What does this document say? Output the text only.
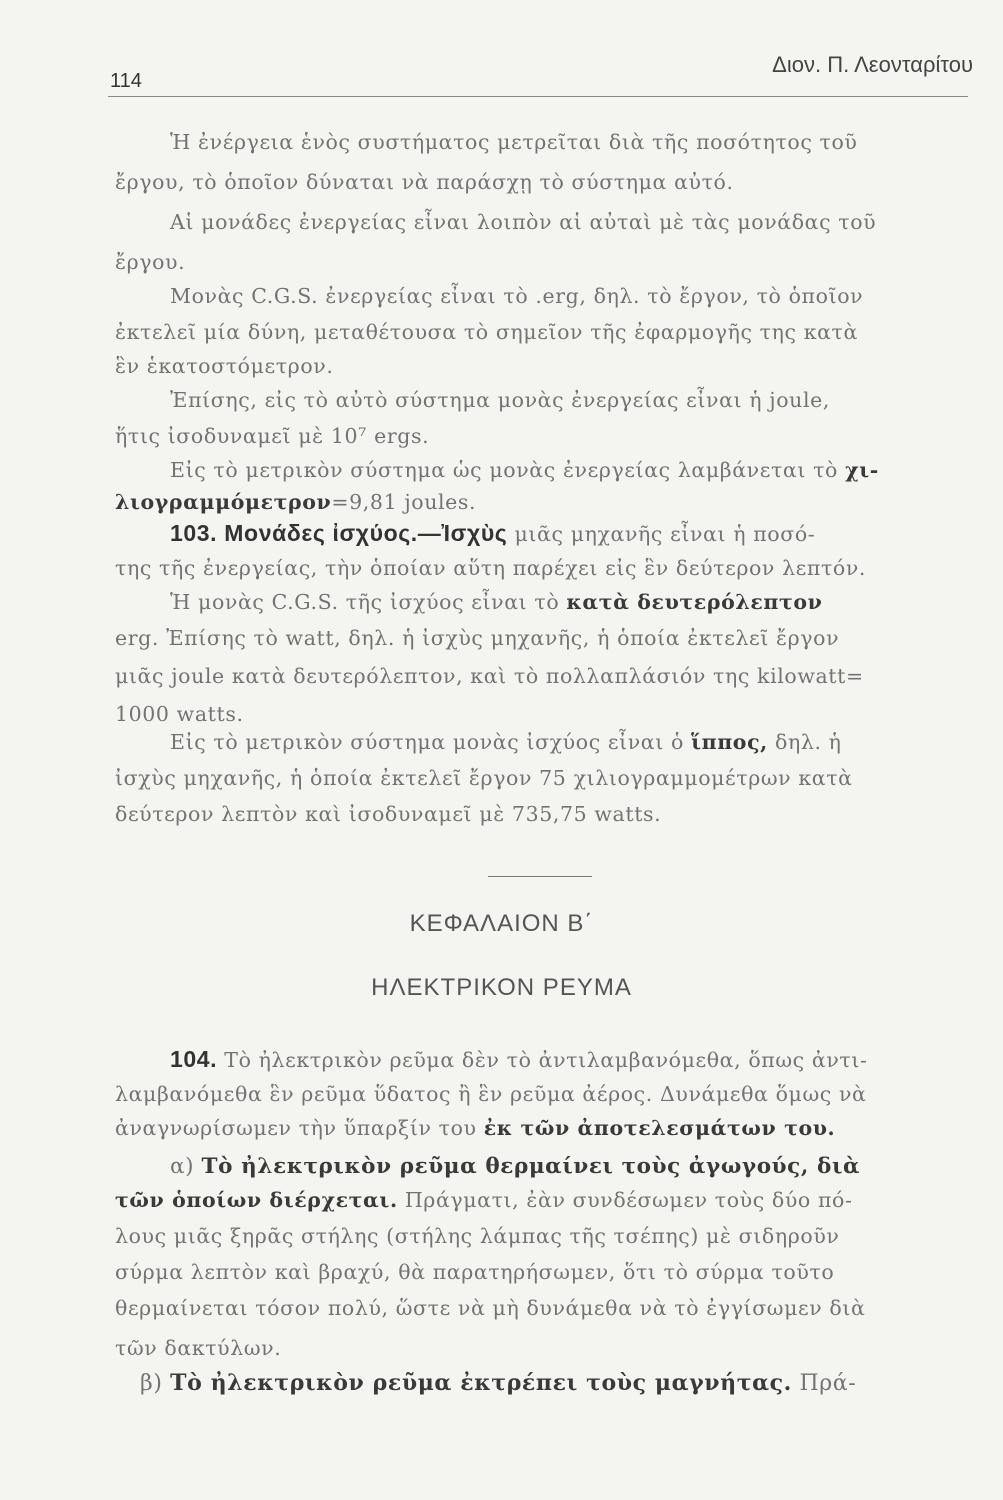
114
Διον. Π. Λεονταρίτου
Ἡ ἐνέργεια ἑνὸς συστήματος μετρεῖται διὰ τῆς ποσότητος τοῦ
ἔργου, τὸ ὁποῖον δύναται νὰ παράσχῃ τὸ σύστημα αὐτό.
Αἱ μονάδες ἐνεργείας εἶναι λοιπὸν αἱ αὐταὶ μὲ τὰς μονάδας τοῦ
ἔργου.
Μονὰς C.G.S. ἐνεργείας εἶναι τὸ .erg, δηλ. τὸ ἔργον, τὸ ὁποῖον
ἐκτελεῖ μία δύνη, μεταθέτουσα τὸ σημεῖον τῆς ἐφαρμογῆς της κατὰ
ἓν ἑκατοστόμετρον.
Ἐπίσης, εἰς τὸ αὐτὸ σύστημα μονὰς ἐνεργείας εἶναι ἡ joule,
ἥτις ἰσοδυναμεῖ μὲ 10⁷ ergs.
Εἰς τὸ μετρικὸν σύστημα ὡς μονὰς ἐνεργείας λαμβάνεται τὸ χι-
λιογραμμόμετρον=9,81 joules.
103. Μονάδες ἰσχύος.—Ἰσχὺς μιᾶς μηχανῆς εἶναι ἡ ποσό-
της τῆς ἐνεργείας, τὴν ὁποίαν αὕτη παρέχει εἰς ἓν δεύτερον λεπτόν.
Ἡ μονὰς C.G.S. τῆς ἰσχύος εἶναι τὸ κατὰ δευτερόλεπτον
erg. Ἐπίσης τὸ watt, δηλ. ἡ ἰσχὺς μηχανῆς, ἡ ὁποία ἐκτελεῖ ἔργον
μιᾶς joule κατὰ δευτερόλεπτον, καὶ τὸ πολλαπλάσιόν της kilowatt=
1000 watts.
Εἰς τὸ μετρικὸν σύστημα μονὰς ἰσχύος εἶναι ὁ ἵππος, δηλ. ἡ
ἰσχὺς μηχανῆς, ἡ ὁποία ἐκτελεῖ ἔργον 75 χιλιογραμμομέτρων κατὰ
δεύτερον λεπτὸν καὶ ἰσοδυναμεῖ μὲ 735,75 watts.
ΚΕΦΑΛΑΙΟΝ Β΄
ΗΛΕΚΤΡΙΚΟΝ ΡΕΥΜΑ
104. Τὸ ἠλεκτρικὸν ρεῦμα δὲν τὸ ἀντιλαμβανόμεθα, ὅπως ἀντι-
λαμβανόμεθα ἓν ρεῦμα ὕδατος ἢ ἓν ρεῦμα ἀέρος. Δυνάμεθα ὅμως νὰ
ἀναγνωρίσωμεν τὴν ὕπαρξίν του ἐκ τῶν ἀποτελεσμάτων του.
α) Τὸ ἠλεκτρικὸν ρεῦμα θερμαίνει τοὺς ἀγωγούς, διὰ
τῶν ὁποίων διέρχεται. Πράγματι, ἐὰν συνδέσωμεν τοὺς δύο πό-
λους μιᾶς ξηρᾶς στήλης (στήλης λάμπας τῆς τσέπης) μὲ σιδηροῦν
σύρμα λεπτὸν καὶ βραχύ, θὰ παρατηρήσωμεν, ὅτι τὸ σύρμα τοῦτο
θερμαίνεται τόσον πολύ, ὥστε νὰ μὴ δυνάμεθα νὰ τὸ ἐγγίσωμεν διὰ
τῶν δακτύλων.
β) Τὸ ἠλεκτρικὸν ρεῦμα ἐκτρέπει τοὺς μαγνήτας. Πρά-
